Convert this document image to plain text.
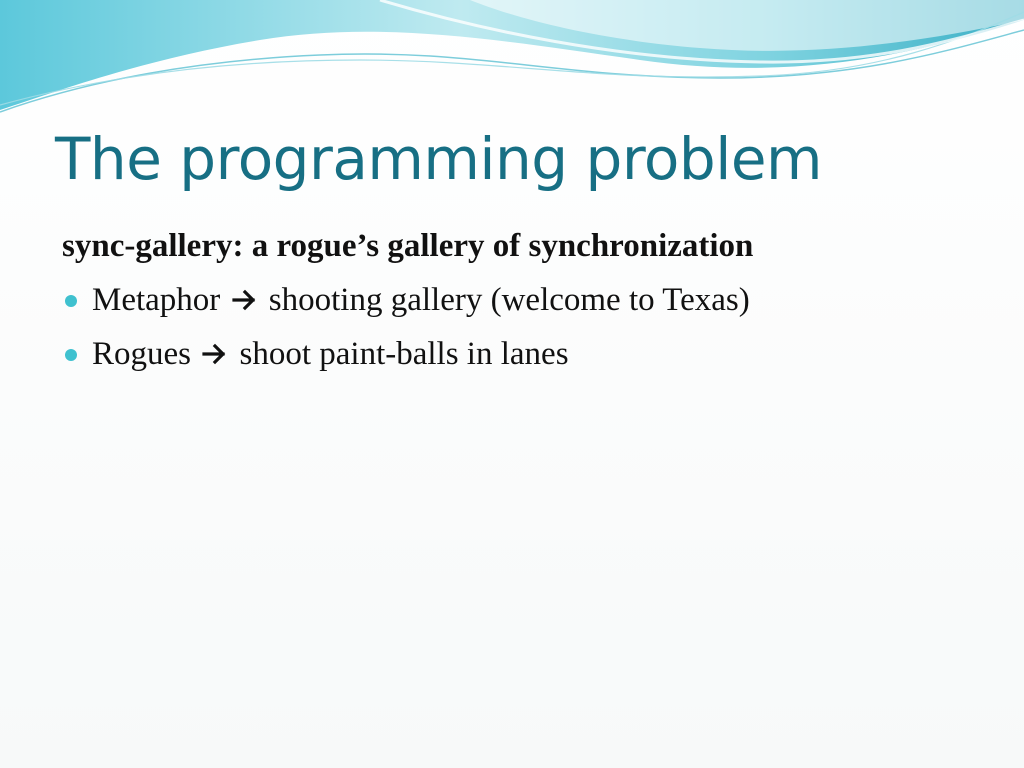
The programming problem
sync-gallery: a rogue’s gallery of synchronization
Metaphor shooting gallery (welcome to Texas)
Rogues shoot paint-balls in lanes
